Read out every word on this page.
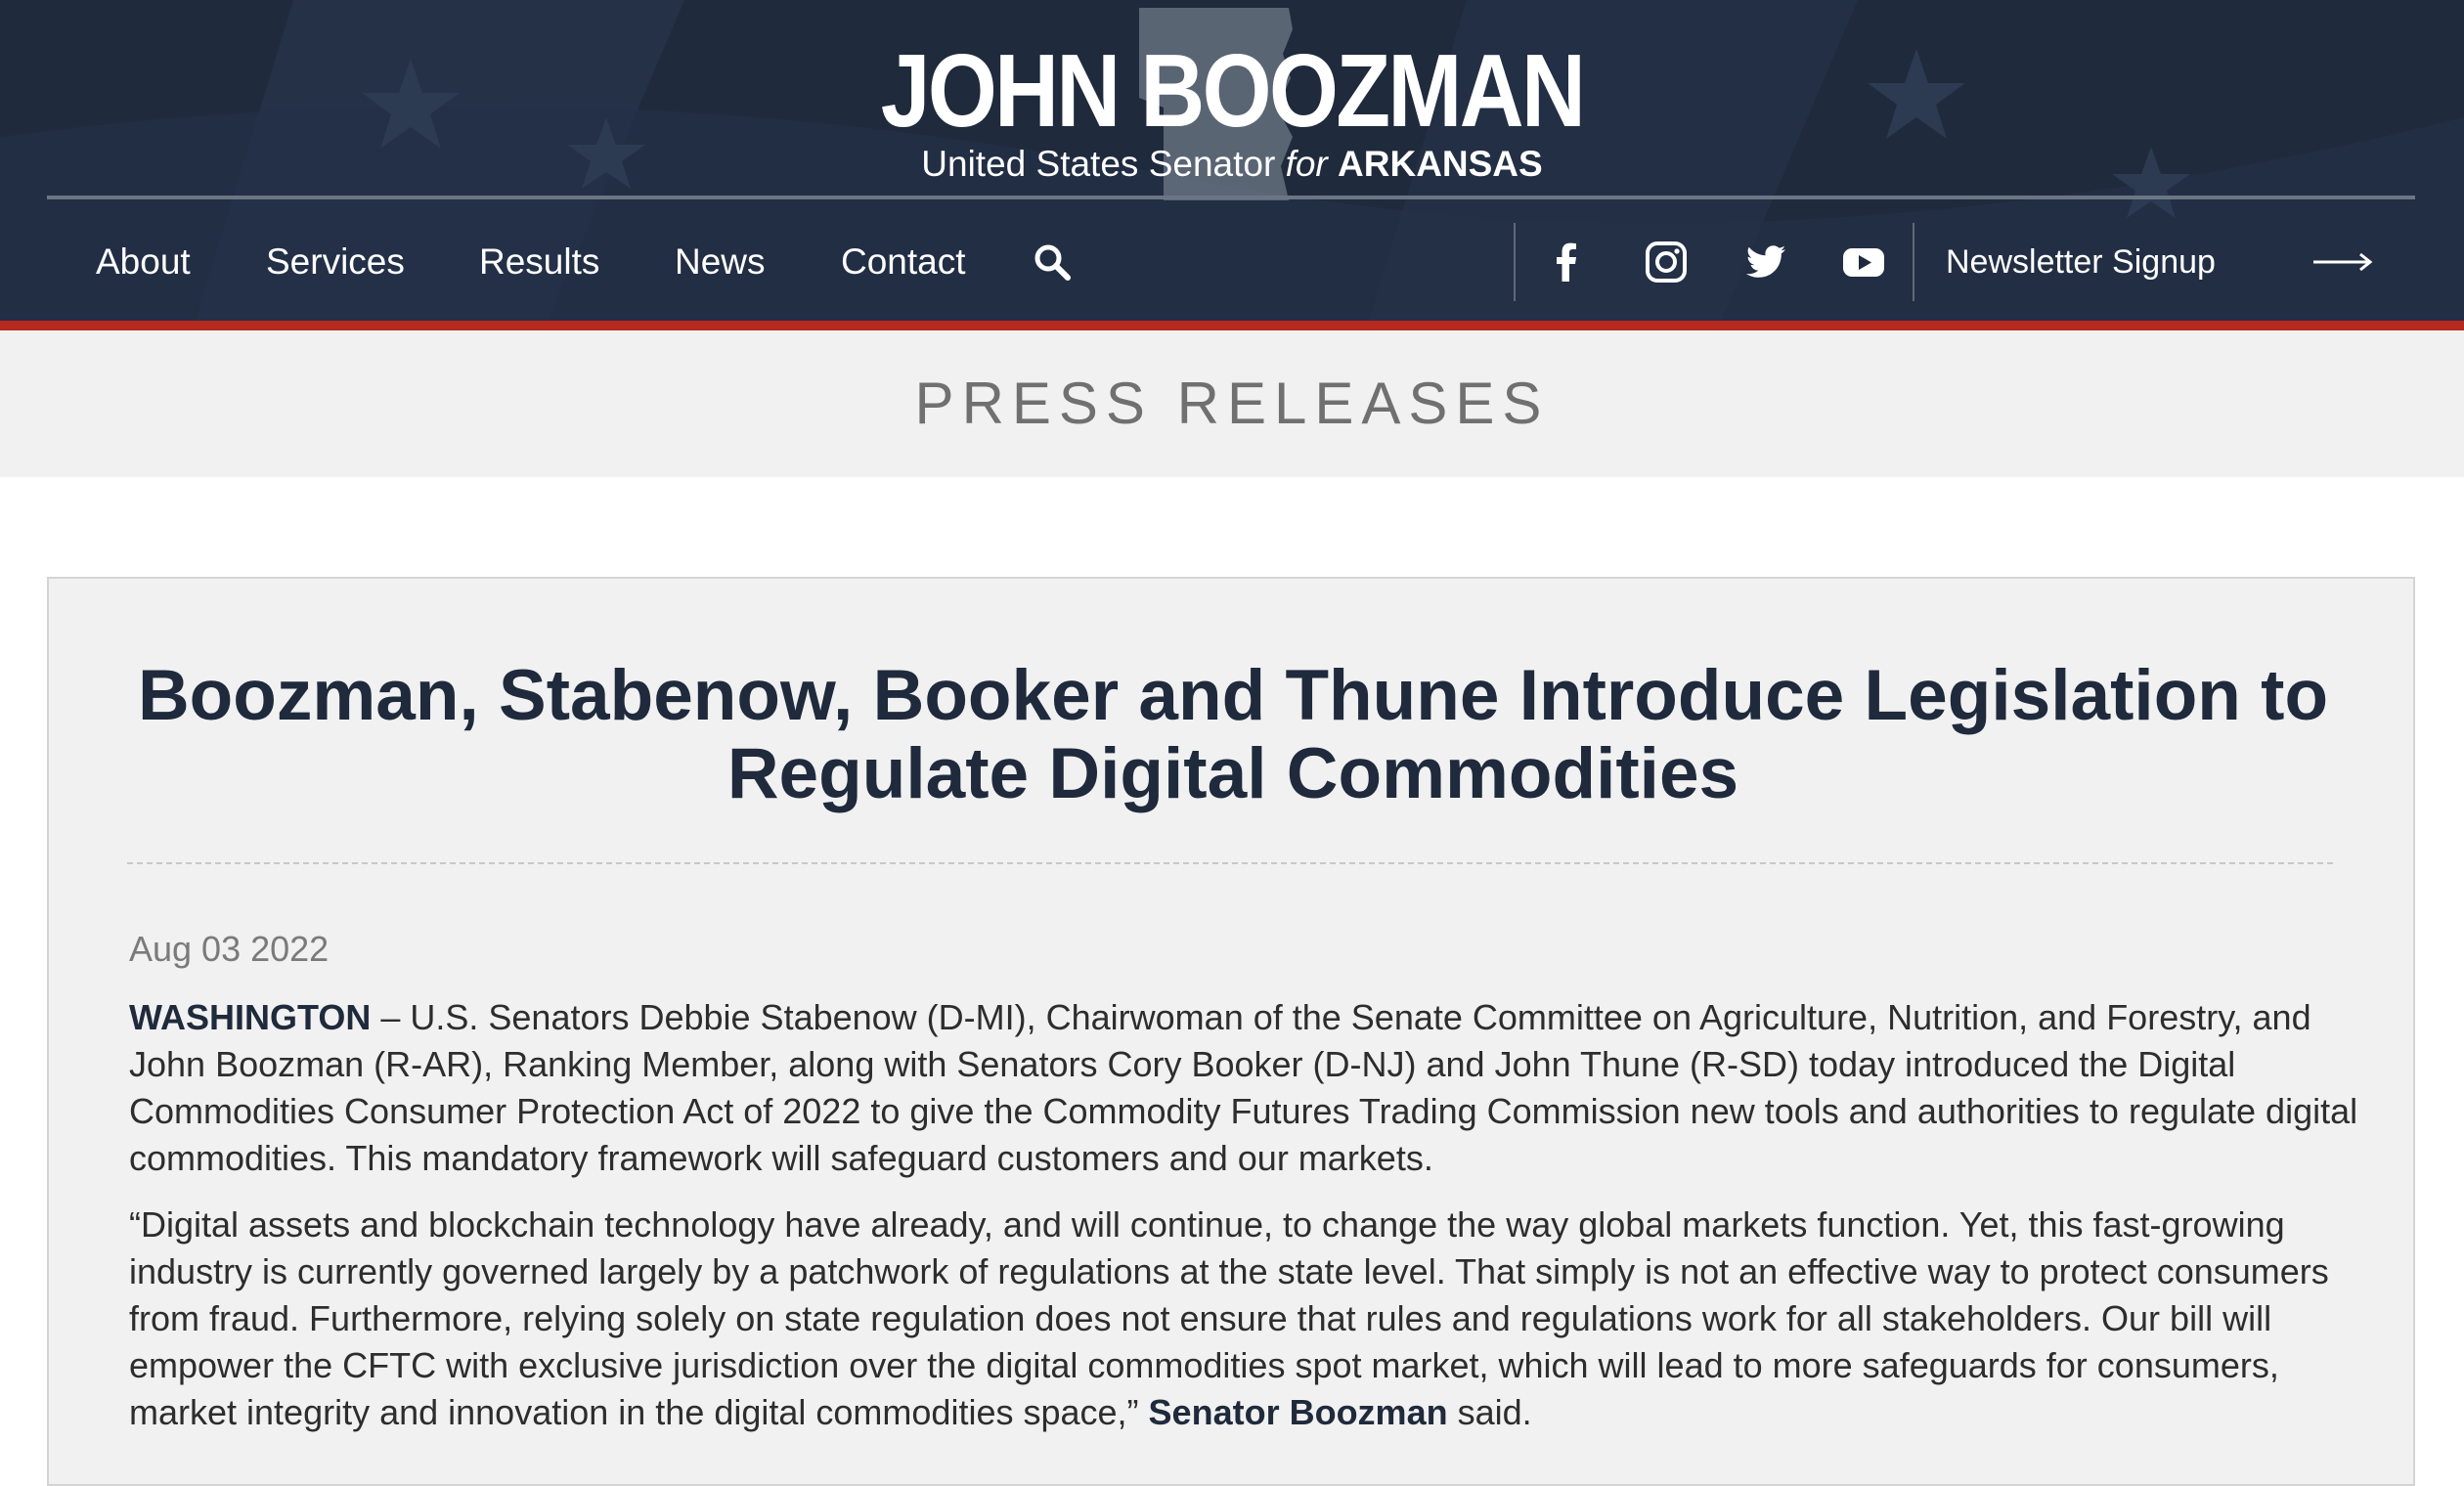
JOHN BOOZMAN
United States Senator for ARKANSAS
About Services Results News Contact	Newsletter Signup
PRESS RELEASES
Boozman, Stabenow, Booker and Thune Introduce Legislation to Regulate Digital Commodities
Aug 03 2022

WASHINGTON – U.S. Senators Debbie Stabenow (D-MI), Chairwoman of the Senate Committee on Agriculture, Nutrition, and Forestry, and John Boozman (R-AR), Ranking Member, along with Senators Cory Booker (D-NJ) and John Thune (R-SD) today introduced the Digital Commodities Consumer Protection Act of 2022 to give the Commodity Futures Trading Commission new tools and authorities to regulate digital commodities. This mandatory framework will safeguard customers and our markets.

“Digital assets and blockchain technology have already, and will continue, to change the way global markets function. Yet, this fast-growing industry is currently governed largely by a patchwork of regulations at the state level. That simply is not an effective way to protect consumers from fraud. Furthermore, relying solely on state regulation does not ensure that rules and regulations work for all stakeholders. Our bill will empower the CFTC with exclusive jurisdiction over the digital commodities spot market, which will lead to more safeguards for consumers, market integrity and innovation in the digital commodities space,” Senator Boozman said.
